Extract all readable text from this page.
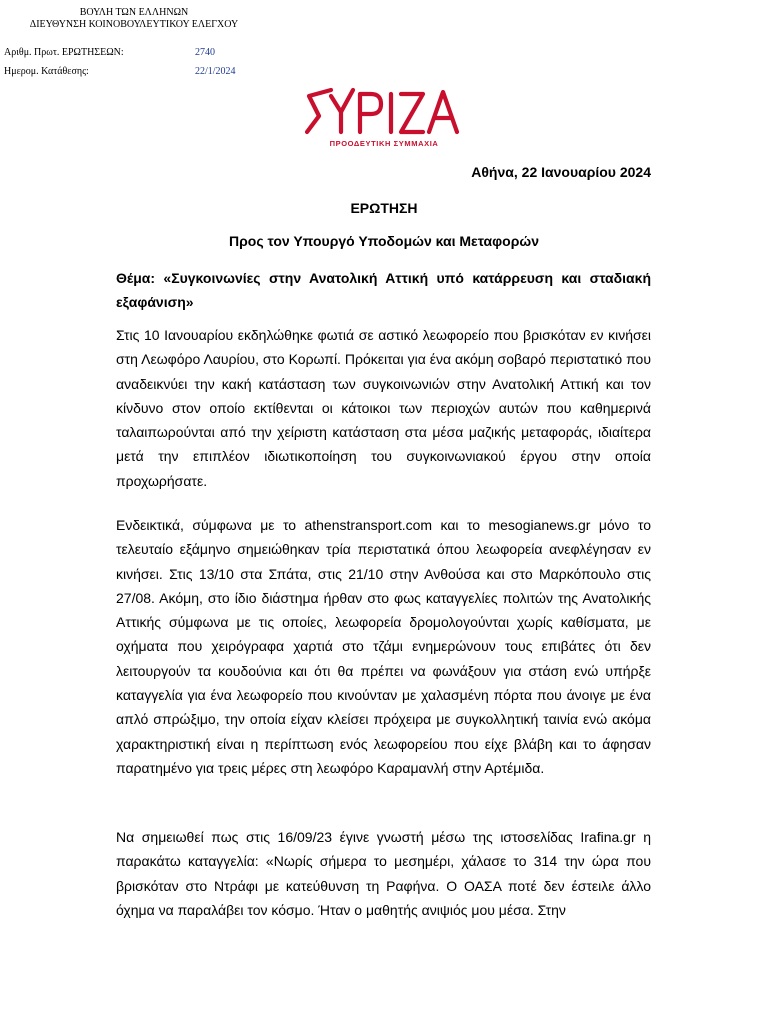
ΒΟΥΛΗ ΤΩΝ ΕΛΛΗΝΩΝ
ΔΙΕΥΘΥΝΣΗ ΚΟΙΝΟΒΟΥΛΕΥΤΙΚΟΥ ΕΛΕΓΧΟΥ
Αριθμ. Πρωτ. ΕΡΩΤΗΣΕΩΝ:	2740
Ημερομ. Κατάθεσης:	22/1/2024
ΠΡΟΟΔΕΥΤΙΚΗ ΣΥΜΜΑΧΙΑ
Αθήνα, 22 Ιανουαρίου 2024
ΕΡΩΤΗΣΗ
Προς τον Υπουργό Υποδομών και Μεταφορών
Θέμα: «Συγκοινωνίες στην Ανατολική Αττική υπό κατάρρευση και σταδιακή εξαφάνιση»
Στις 10 Ιανουαρίου εκδηλώθηκε φωτιά σε αστικό λεωφορείο που βρισκόταν εν κινήσει στη Λεωφόρο Λαυρίου, στο Κορωπί. Πρόκειται για ένα ακόμη σοβαρό περιστατικό που αναδεικνύει την κακή κατάσταση των συγκοινωνιών στην Ανατολική Αττική και τον κίνδυνο στον οποίο εκτίθενται οι κάτοικοι των περιοχών αυτών που καθημερινά ταλαιπωρούνται από την χείριστη κατάσταση στα μέσα μαζικής μεταφοράς, ιδιαίτερα μετά την επιπλέον ιδιωτικοποίηση του συγκοινωνιακού έργου στην οποία προχωρήσατε.
Ενδεικτικά, σύμφωνα με το athenstransport.com και το mesogianews.gr μόνο το τελευταίο εξάμηνο σημειώθηκαν τρία περιστατικά όπου λεωφορεία ανεφλέγησαν εν κινήσει. Στις 13/10 στα Σπάτα, στις 21/10 στην Ανθούσα και στο Μαρκόπουλο στις 27/08. Ακόμη, στο ίδιο διάστημα ήρθαν στο φως καταγγελίες πολιτών της Ανατολικής Αττικής σύμφωνα με τις οποίες, λεωφορεία δρομολογούνται χωρίς καθίσματα, με οχήματα που χειρόγραφα χαρτιά στο τζάμι ενημερώνουν τους επιβάτες ότι δεν λειτουργούν τα κουδούνια και ότι θα πρέπει να φωνάξουν για στάση ενώ υπήρξε καταγγελία για ένα λεωφορείο που κινούνταν με χαλασμένη πόρτα που άνοιγε με ένα απλό σπρώξιμο, την οποία είχαν κλείσει πρόχειρα με συγκολλητική ταινία ενώ ακόμα χαρακτηριστική είναι η περίπτωση ενός λεωφορείου που είχε βλάβη και το άφησαν παρατημένο για τρεις μέρες στη λεωφόρο Καραμανλή στην Αρτέμιδα.
Να σημειωθεί πως στις 16/09/23 έγινε γνωστή μέσω της ιστοσελίδας Irafina.gr η παρακάτω καταγγελία: «Νωρίς σήμερα το μεσημέρι, χάλασε το 314 την ώρα που βρισκόταν στο Ντράφι με κατεύθυνση τη Ραφήνα. Ο ΟΑΣΑ ποτέ δεν έστειλε άλλο όχημα να παραλάβει τον κόσμο. Ήταν ο μαθητής ανιψιός μου μέσα. Στην
